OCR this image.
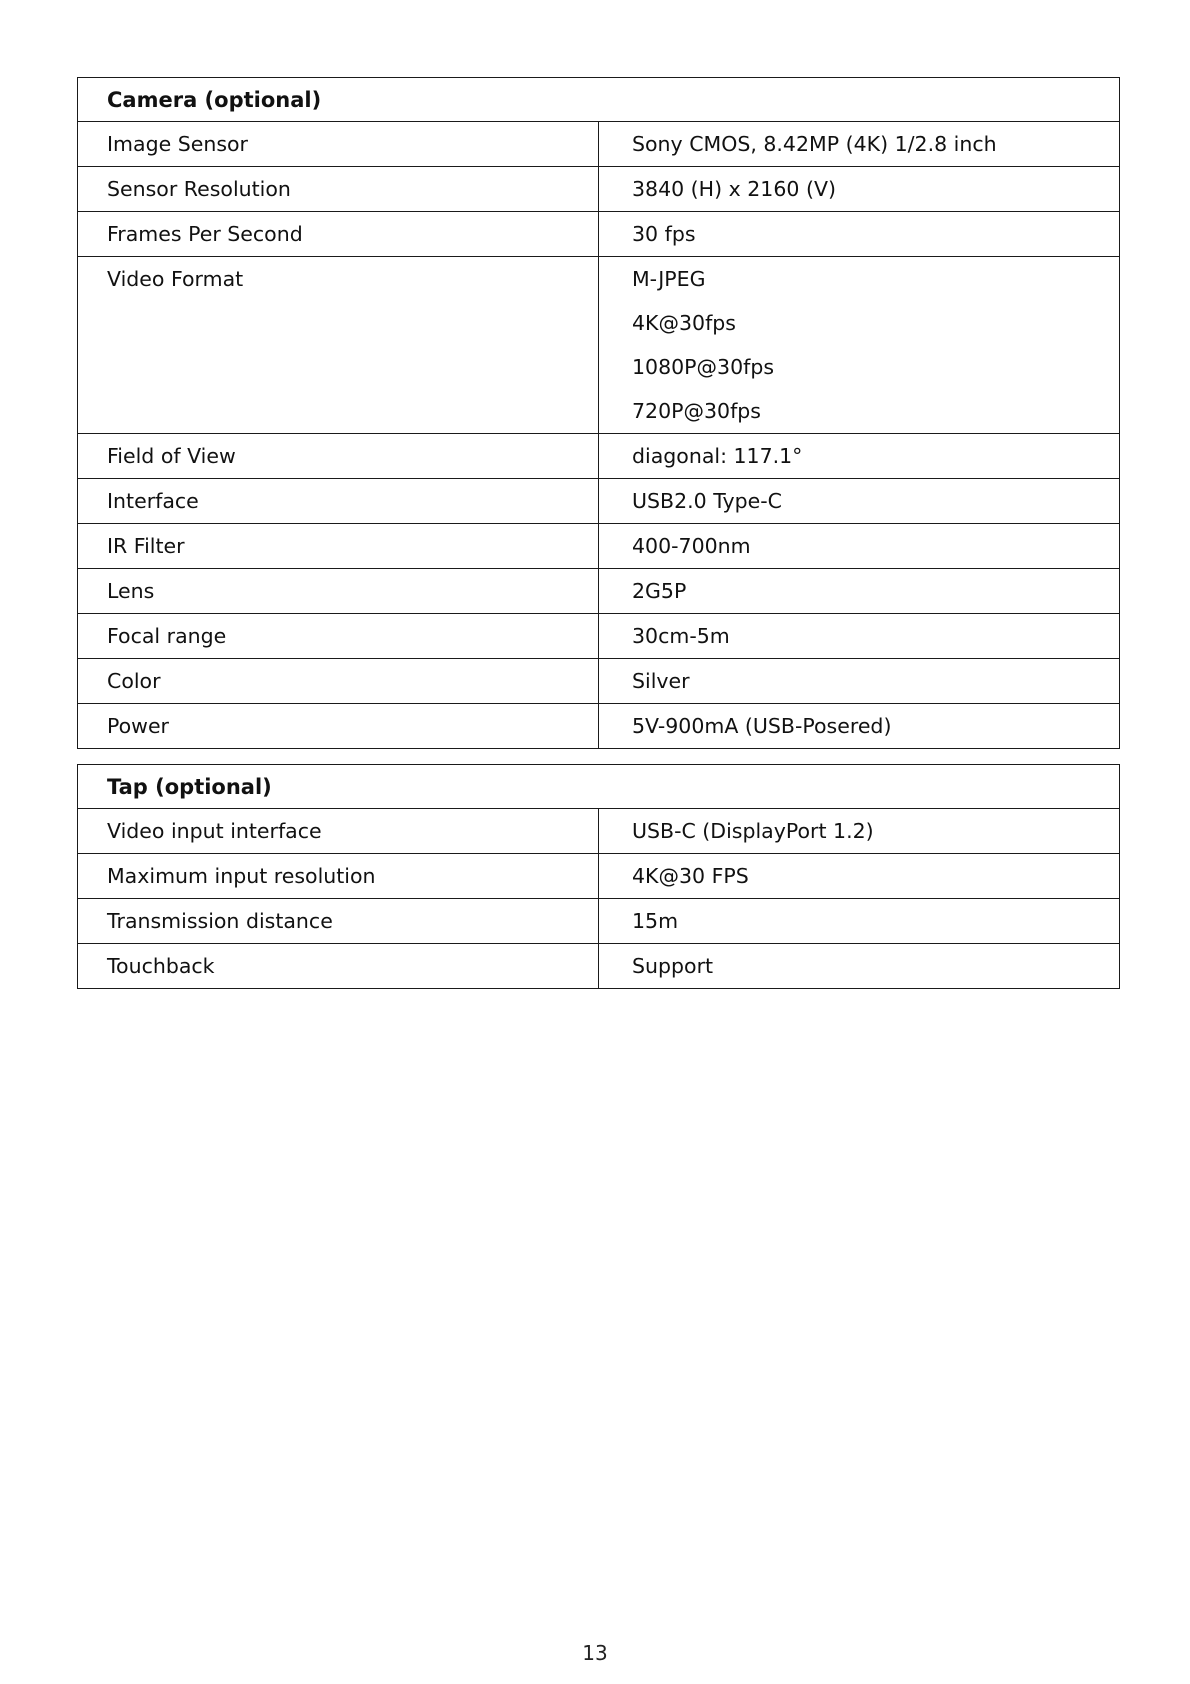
Camera (optional)	

Image Sensor	Sony CMOS, 8.42MP (4K) 1/2.8 inch

Sensor Resolution	3840 (H) x 2160 (V)

Frames Per Second	30 fps

Video Format	M-JPEG
4K@30fps
1080P@30fps
720P@30fps

Field of View	diagonal: 117.1°

Interface	USB2.0 Type-C

IR Filter	400-700nm

Lens	2G5P

Focal range	30cm-5m

Color	Silver

Power	5V-900mA (USB-Posered)
Tap (optional)	

Video input interface	USB-C (DisplayPort 1.2)

Maximum input resolution	4K@30 FPS

Transmission distance	15m

Touchback	Support
13
